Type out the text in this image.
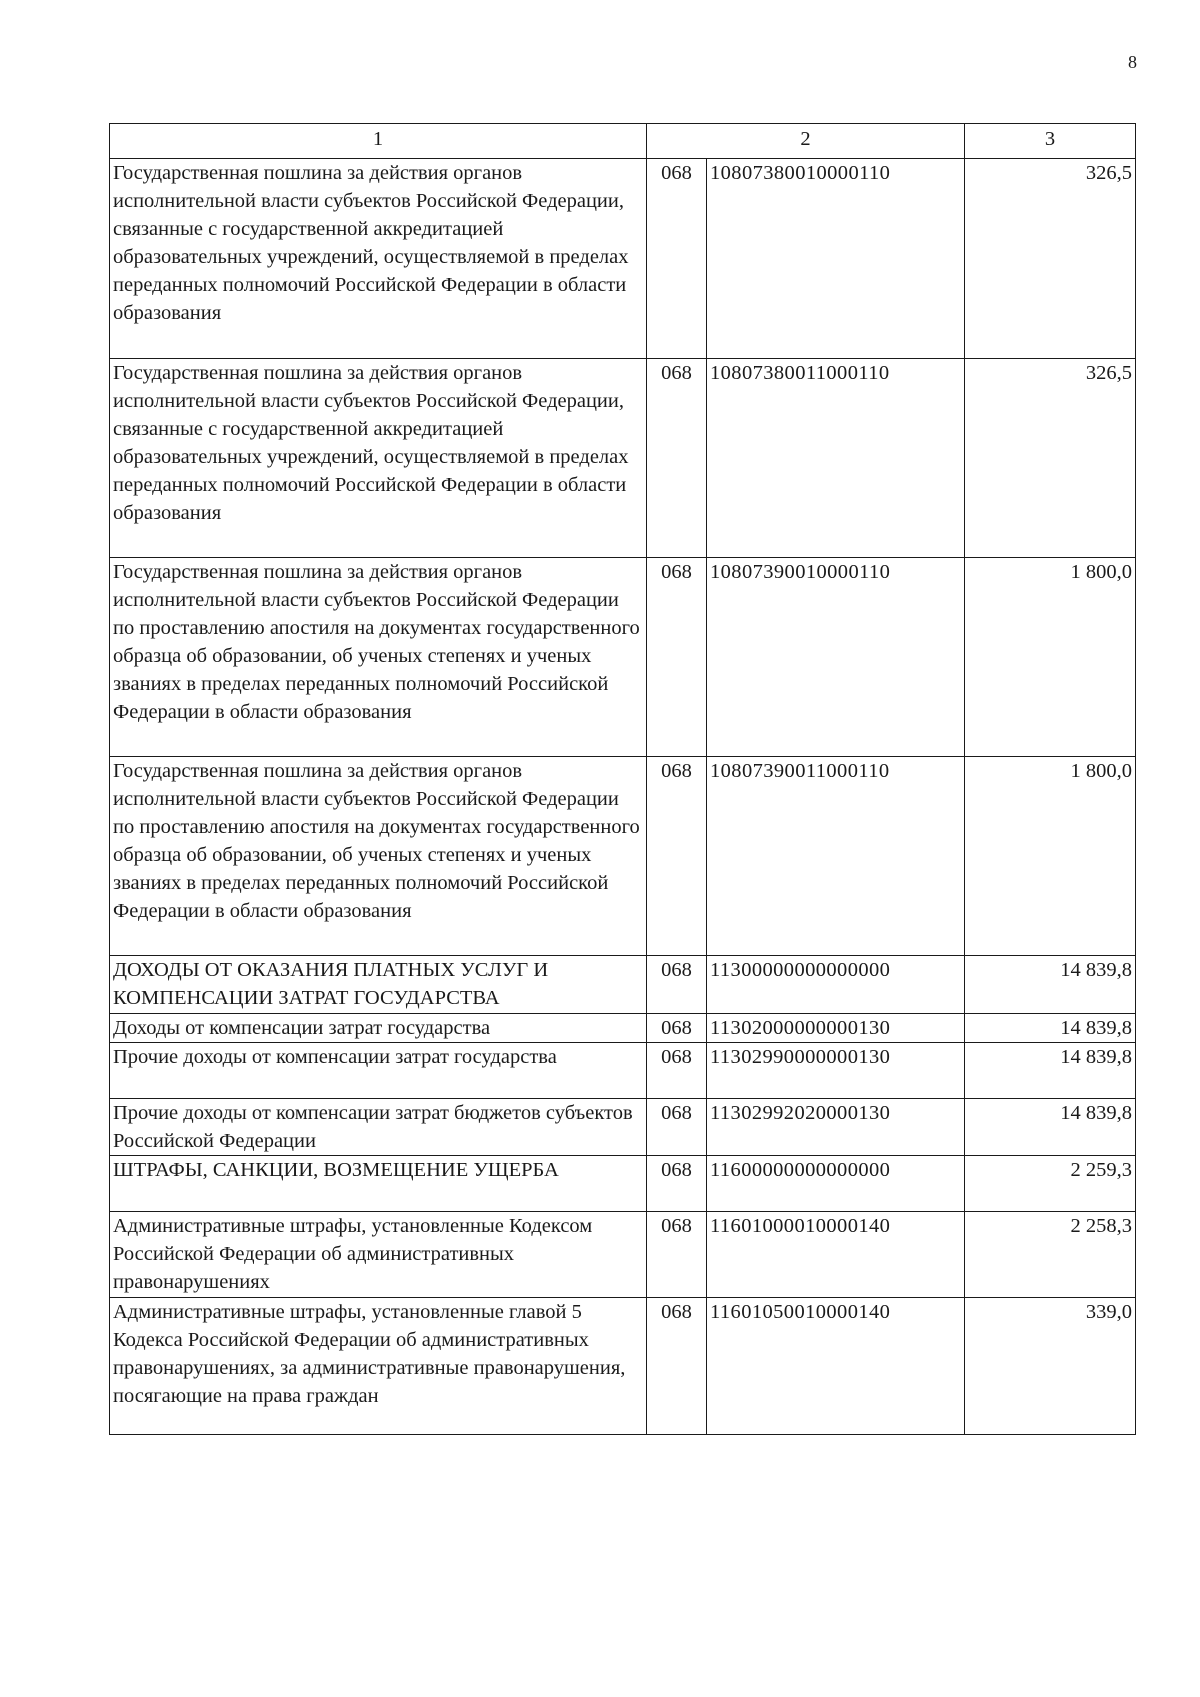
8
1	2		3
Государственная пошлина за действия органов исполнительной власти субъектов Российской Федерации, связанные с государственной аккредитацией образовательных учреждений, осуществляемой в пределах переданных полномочий Российской Федерации в области образования	068	10807380010000110	326,5
Государственная пошлина за действия органов исполнительной власти субъектов Российской Федерации, связанные с государственной аккредитацией образовательных учреждений, осуществляемой в пределах переданных полномочий Российской Федерации в области образования	068	10807380011000110	326,5
Государственная пошлина за действия органов исполнительной власти субъектов Российской Федерации по проставлению апостиля на документах государственного образца об образовании, об ученых степенях и ученых званиях в пределах переданных полномочий Российской Федерации в области образования	068	10807390010000110	1 800,0
Государственная пошлина за действия органов исполнительной власти субъектов Российской Федерации по проставлению апостиля на документах государственного образца об образовании, об ученых степенях и ученых званиях в пределах переданных полномочий Российской Федерации в области образования	068	10807390011000110	1 800,0
ДОХОДЫ ОТ ОКАЗАНИЯ ПЛАТНЫХ УСЛУГ И КОМПЕНСАЦИИ ЗАТРАТ ГОСУДАРСТВА	068	11300000000000000	14 839,8
Доходы от компенсации затрат государства	068	11302000000000130	14 839,8
Прочие доходы от компенсации затрат государства	068	11302990000000130	14 839,8
Прочие доходы от компенсации затрат бюджетов субъектов Российской Федерации	068	11302992020000130	14 839,8
ШТРАФЫ, САНКЦИИ, ВОЗМЕЩЕНИЕ УЩЕРБА	068	11600000000000000	2 259,3
Административные штрафы, установленные Кодексом Российской Федерации об административных правонарушениях	068	11601000010000140	2 258,3
Административные штрафы, установленные главой 5 Кодекса Российской Федерации об административных правонарушениях, за административные правонарушения, посягающие на права граждан	068	11601050010000140	339,0
